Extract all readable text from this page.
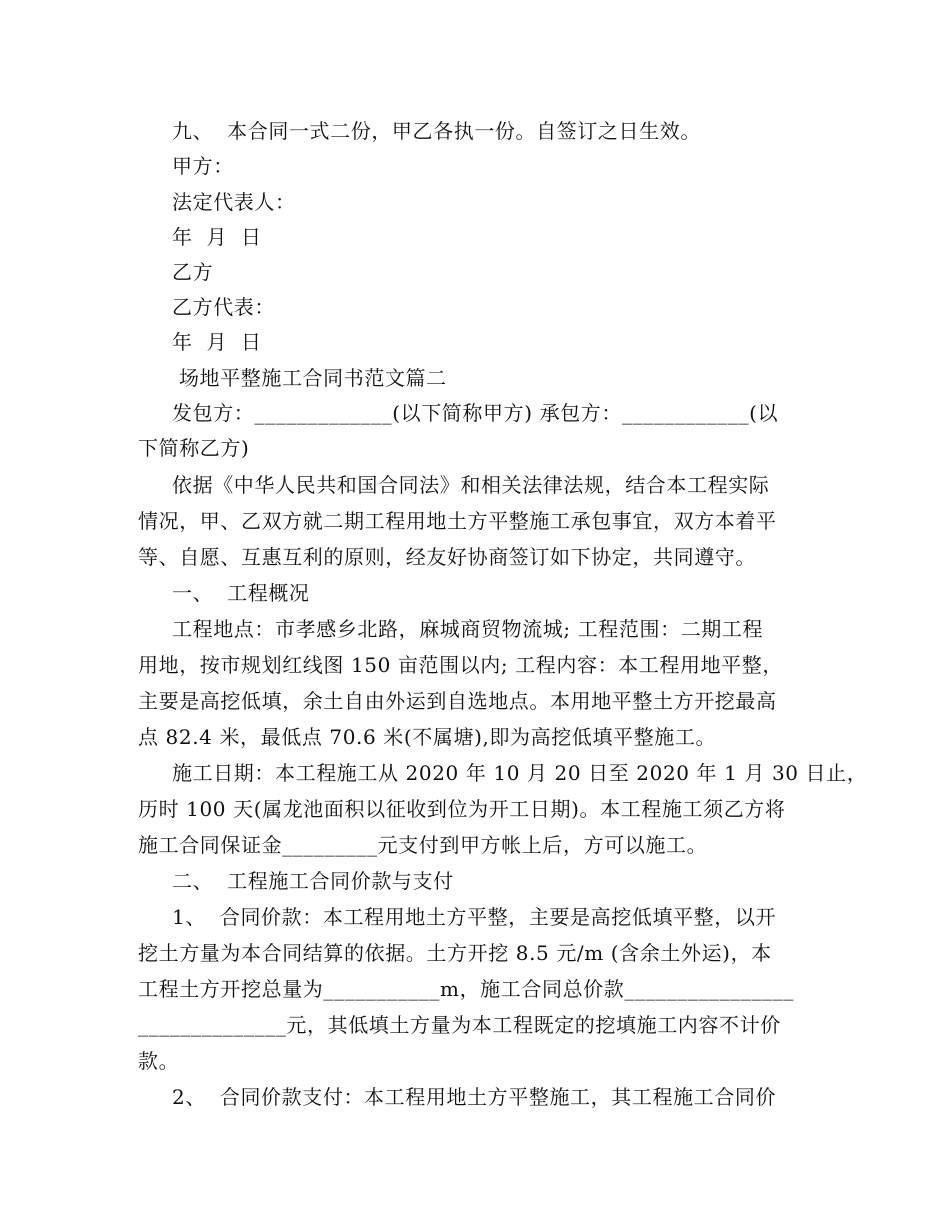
九、  本合同一式二份，甲乙各执一份。自签订之日生效。
甲方：
法定代表人：
年  月  日
乙方
乙方代表：
年  月  日
场地平整施工合同书范文篇二
发包方：_____________(以下简称甲方) 承包方：____________(以
下简称乙方)
依据《中华人民共和国合同法》和相关法律法规，结合本工程实际
情况，甲、乙双方就二期工程用地土方平整施工承包事宜，双方本着平
等、自愿、互惠互利的原则，经友好协商签订如下协定，共同遵守。
一、  工程概况
工程地点：市孝感乡北路，麻城商贸物流城; 工程范围：二期工程
用地，按市规划红线图 150 亩范围以内; 工程内容：本工程用地平整，
主要是高挖低填，余土自由外运到自选地点。本用地平整土方开挖最高
点 82.4 米，最低点 70.6 米(不属塘),即为高挖低填平整施工。
施工日期：本工程施工从 2020 年 10 月 20 日至 2020 年 1 月 30 日止，
历时 100 天(属龙池面积以征收到位为开工日期)。本工程施工须乙方将
施工合同保证金_________元支付到甲方帐上后，方可以施工。
二、  工程施工合同价款与支付
1、  合同价款：本工程用地土方平整，主要是高挖低填平整，以开
挖土方量为本合同结算的依据。土方开挖 8.5 元/m (含余土外运)，本
工程土方开挖总量为___________m，施工合同总价款________________
______________元，其低填土方量为本工程既定的挖填施工内容不计价
款。
2、  合同价款支付：本工程用地土方平整施工，其工程施工合同价
